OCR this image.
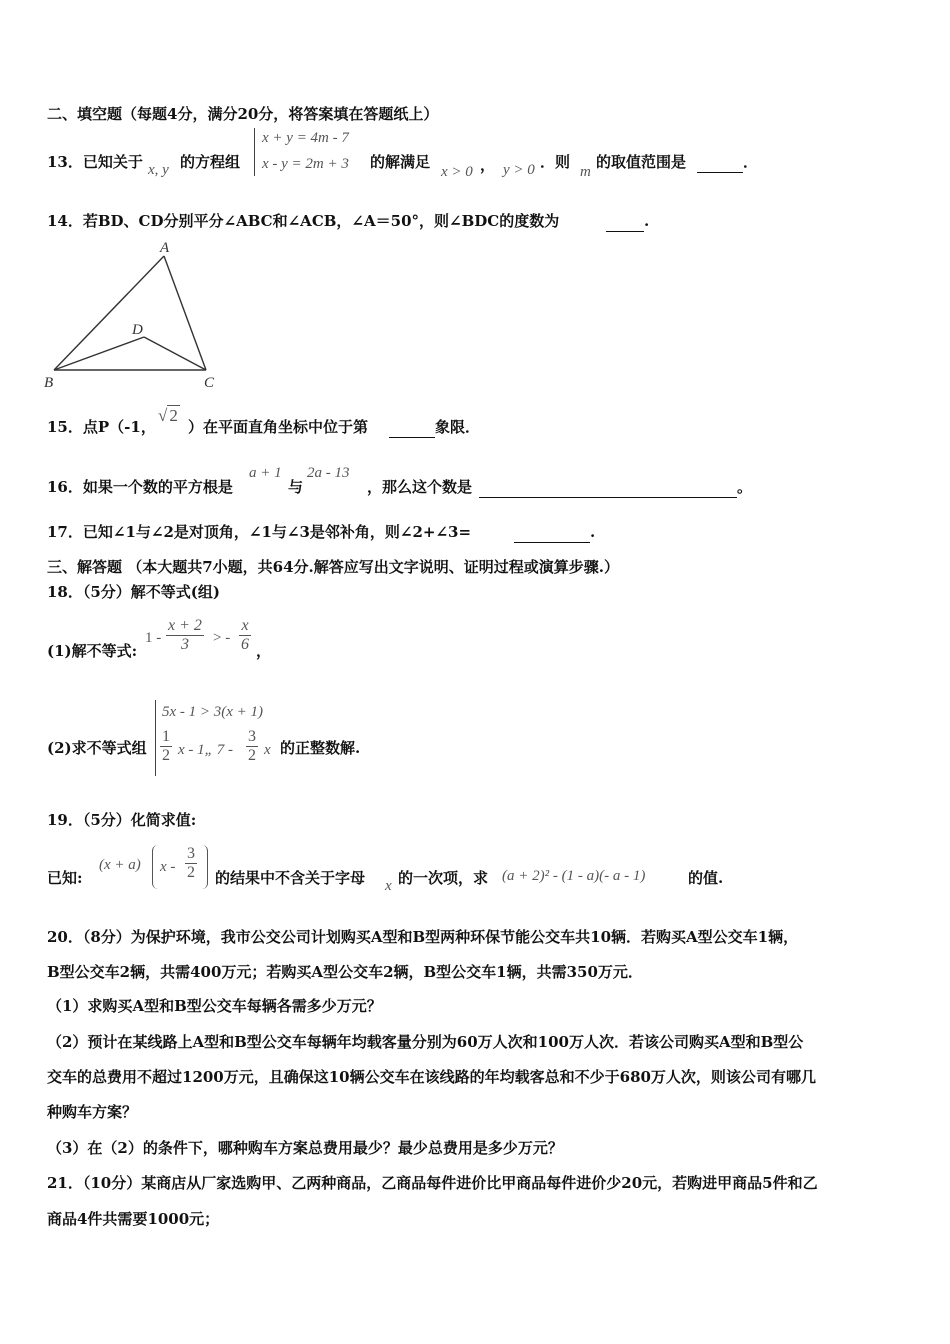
二、填空题（每题4分，满分20分，将答案填在答题纸上）
13．已知关于 x, y 的方程组
x + y = 4m - 7
x - y = 2m + 3 的解满足
x > 0 ， y > 0 ．则
m
的取值范围是	．
14．若BD、CD分别平分∠ABC和∠ACB，∠A＝50°，则∠BDC的度数为	.
A
B	C
D
15．点P（-1，
√ 2
）在平面直角坐标中位于第	象限．
16．如果一个数的平方根是
a + 1
与
2a - 13
，那么这个数是	。
17．已知∠1与∠2是对顶角，∠1与∠3是邻补角，则∠2+∠3=	.
三、解答题 （本大题共7小题，共64分.解答应写出文字说明、证明过程或演算步骤.）
18．（5分）解不等式(组)
(1)解不等式:
$1 - \frac{x + 2}{3}$ > - $\frac{x}{6}$ ，
(2)求不等式组
5x - 1 > 3(x + 1)
$\frac{1}{2}$ x - 1„ $7 - \frac{3}{2}$ x 的正整数解.
19．（5分）化简求值:
已知:
(x + a) x - $\frac{3}{2}$ 的结果中不含关于字母 x 的一次项，求 (a + 2)² - (1 - a)(- a - 1)	的值.
20．（8分）为保护环境，我市公交公司计划购买A型和B型两种环保节能公交车共10辆．若购买A型公交车1辆，
B型公交车2辆，共需400万元；若购买A型公交车2辆，B型公交车1辆，共需350万元．
（1）求购买A型和B型公交车每辆各需多少万元？
（2）预计在某线路上A型和B型公交车每辆年均载客量分别为60万人次和100万人次．若该公司购买A型和B型公
交车的总费用不超过1200万元，且确保这10辆公交车在该线路的年均载客总和不少于680万人次，则该公司有哪几
种购车方案？
（3）在（2）的条件下，哪种购车方案总费用最少？最少总费用是多少万元？
21．（10分）某商店从厂家选购甲、乙两种商品，乙商品每件进价比甲商品每件进价少20元，若购进甲商品5件和乙
商品4件共需要1000元；
